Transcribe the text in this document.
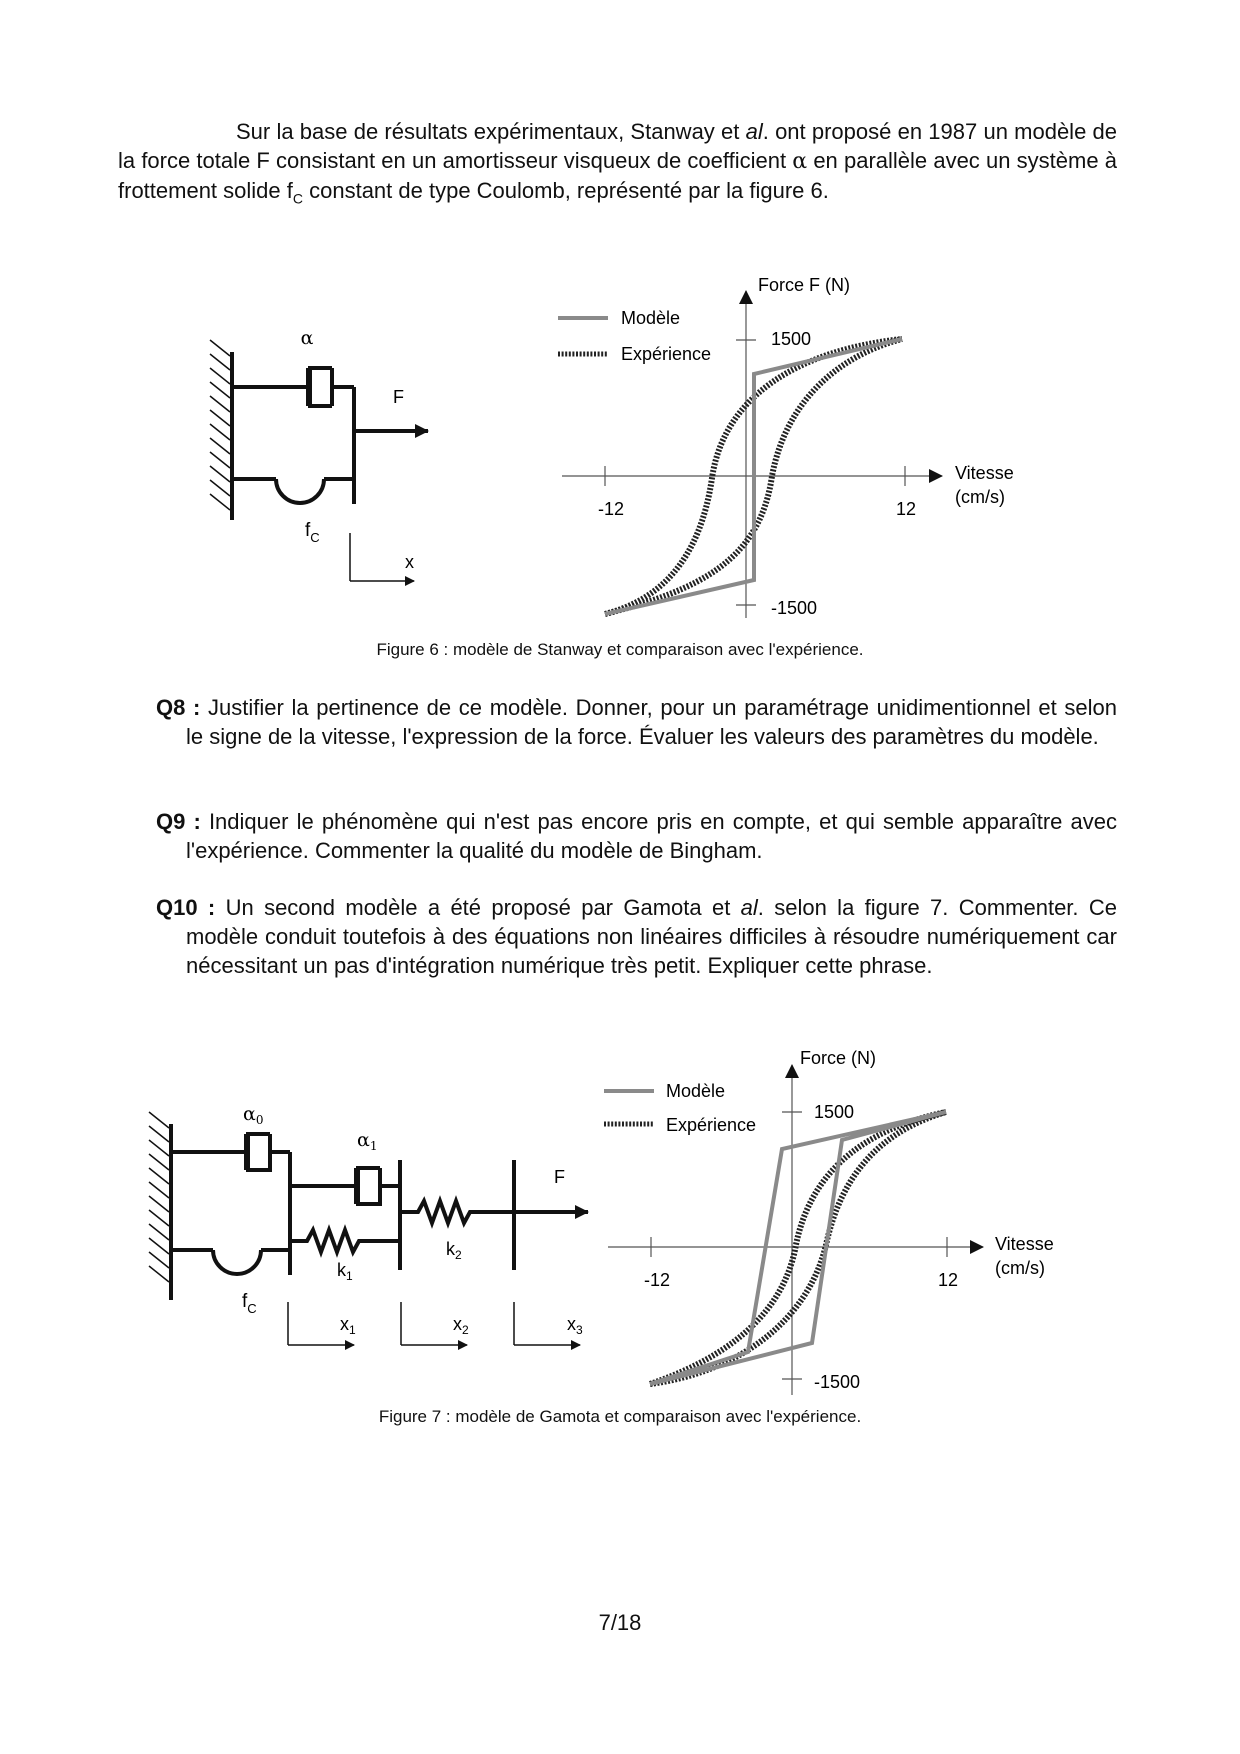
Sur la base de résultats expérimentaux, Stanway et al. ont proposé en 1987 un modèle de la force totale F consistant en un amortisseur visqueux de coefficient α en parallèle avec un système à frottement solide $f_C$ constant de type Coulomb, représenté par la figure 6.
α
F
$f_C$
x
Force F (N)
Vitesse
(cm/s)
1500
-1500
-12	12
Modèle
Expérience
Figure 6 : modèle de Stanway et comparaison avec l'expérience.
Q8 : Justifier la pertinence de ce modèle. Donner, pour un paramétrage unidimentionnel et selon le signe de la vitesse, l'expression de la force. Évaluer les valeurs des paramètres du modèle.
Q9 : Indiquer le phénomène qui n'est pas encore pris en compte, et qui semble apparaître avec l'expérience. Commenter la qualité du modèle de Bingham.
Q10 : Un second modèle a été proposé par Gamota et al. selon la figure 7. Commenter. Ce modèle conduit toutefois à des équations non linéaires difficiles à résoudre numériquement car nécessitant un pas d'intégration numérique très petit. Expliquer cette phrase.
$\alpha_0$
$\alpha_1$
$k_1$
$k_2$
F
$f_C$
$x_1$	$x_2$	$x_3$
Force (N)
Vitesse
(cm/s)
1500
-1500
-12	12
Modèle
Expérience
Figure 7 : modèle de Gamota et comparaison avec l'expérience.
7/18
